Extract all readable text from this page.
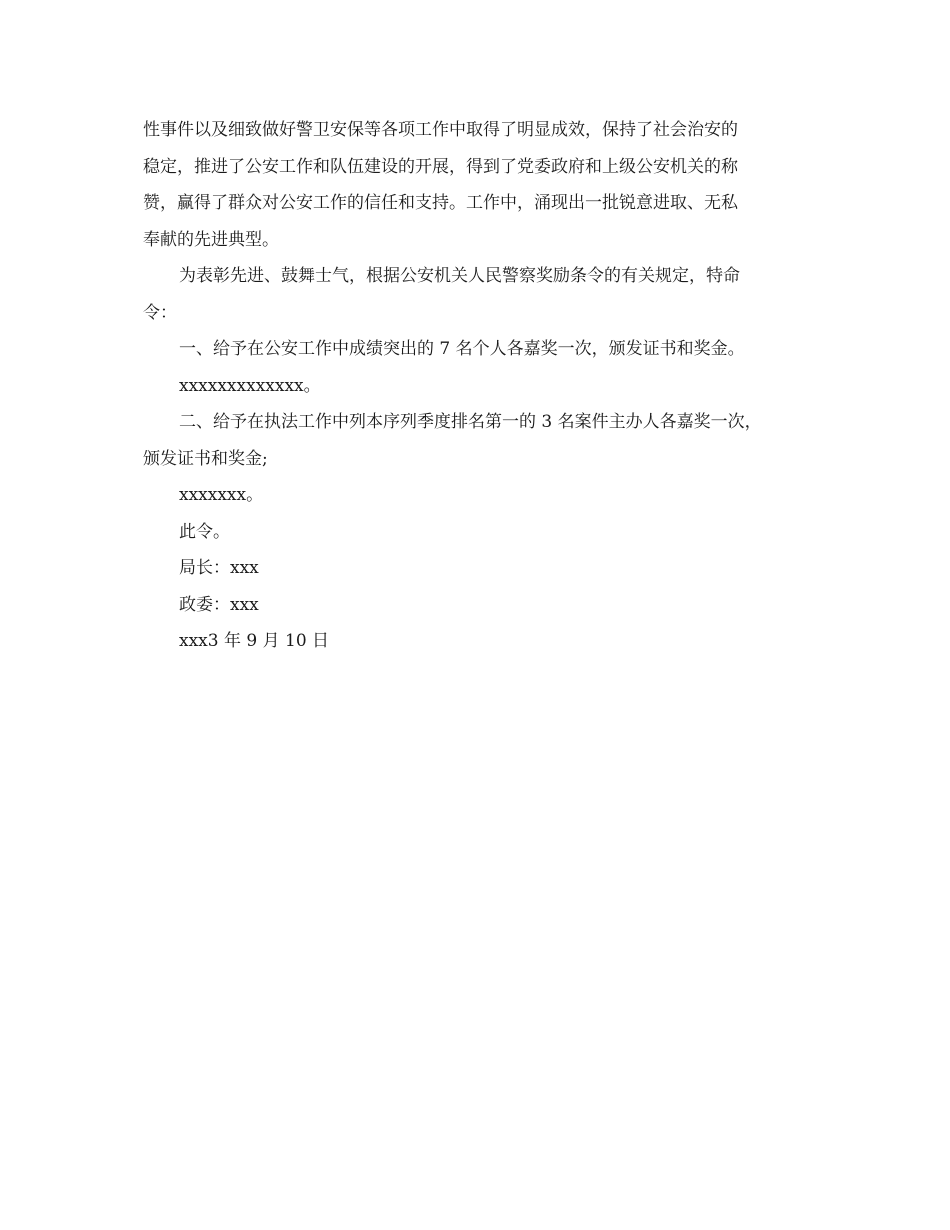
性事件以及细致做好警卫安保等各项工作中取得了明显成效，保持了社会治安的
稳定，推进了公安工作和队伍建设的开展，得到了党委政府和上级公安机关的称
赞，赢得了群众对公安工作的信任和支持。工作中，涌现出一批锐意进取、无私
奉献的先进典型。
为表彰先进、鼓舞士气，根据公安机关人民警察奖励条令的有关规定，特命
令：
一、给予在公安工作中成绩突出的 7 名个人各嘉奖一次，颁发证书和奖金。
xxxxxxxxxxxxx。
二、给予在执法工作中列本序列季度排名第一的 3 名案件主办人各嘉奖一次，
颁发证书和奖金;
xxxxxxx。
此令。
局长：xxx
政委：xxx
xxx3 年 9 月 10 日
